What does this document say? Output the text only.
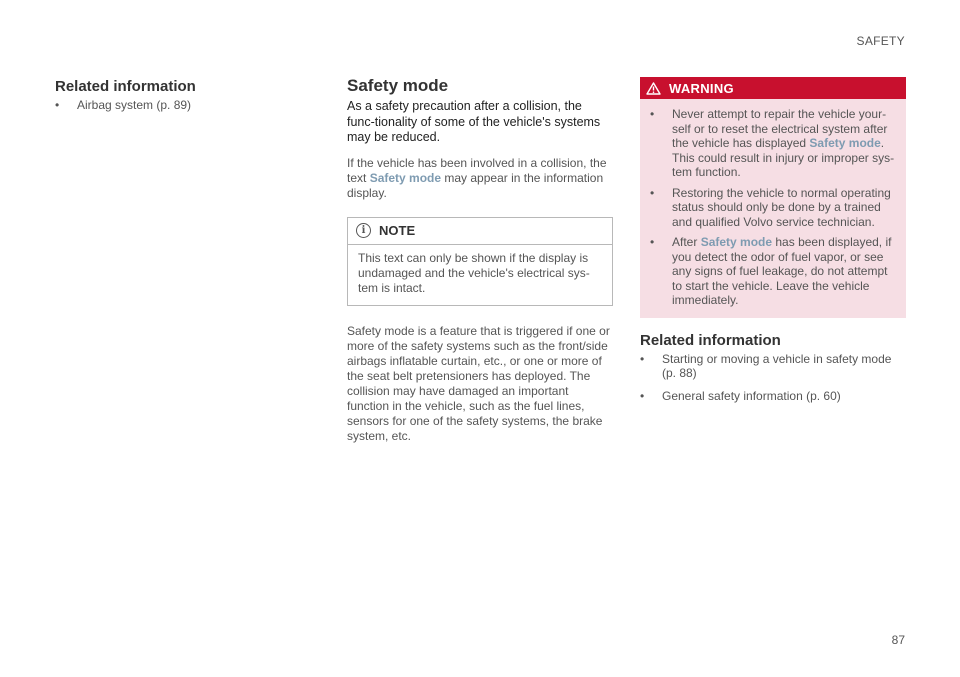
SAFETY
Related information
• Airbag system (p. 89)
Safety mode

As a safety precaution after a collision, the func-tionality of some of the vehicle's systems may be reduced.

If the vehicle has been involved in a collision, the text Safety mode may appear in the information display.

i	NOTE
This text can only be shown if the display is undamaged and the vehicle's electrical sys-tem is intact.

Safety mode is a feature that is triggered if one or more of the safety systems such as the front/side airbags inflatable curtain, etc., or one or more of the seat belt pretensioners has deployed. The collision may have damaged an important function in the vehicle, such as the fuel lines, sensors for one of the safety systems, the brake system, etc.

WARNING
• Never attempt to repair the vehicle your-self or to reset the electrical system after the vehicle has displayed Safety mode. This could result in injury or improper sys-tem function.
• Restoring the vehicle to normal operating status should only be done by a trained and qualified Volvo service technician.
• After Safety mode has been displayed, if you detect the odor of fuel vapor, or see any signs of fuel leakage, do not attempt to start the vehicle. Leave the vehicle immediately.
Related information
• Starting or moving a vehicle in safety mode (p. 88)
• General safety information (p. 60)
87
